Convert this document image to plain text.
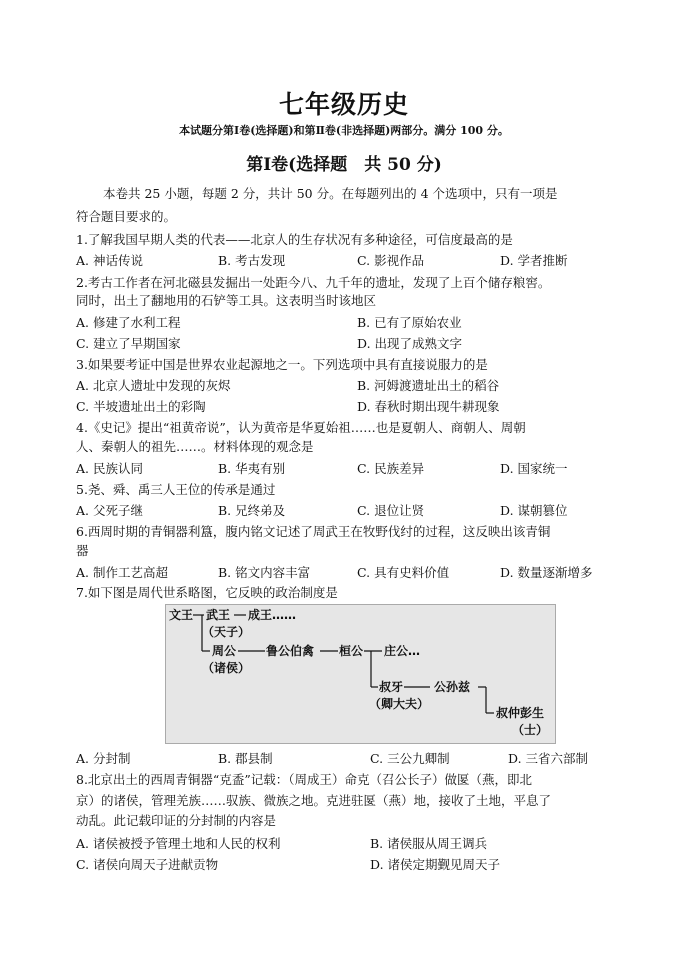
七年级历史
本试题分第Ⅰ卷(选择题)和第Ⅱ卷(非选择题)两部分。满分 100 分。
第Ⅰ卷(选择题　共 50 分)
本卷共 25 小题，每题 2 分，共计 50 分。在每题列出的 4 个选项中，只有一项是
符合题目要求的。
1.了解我国早期人类的代表——北京人的生存状况有多种途径，可信度最高的是
A. 神话传说	B. 考古发现	C. 影视作品	D. 学者推断
2.考古工作者在河北磁县发掘出一处距今八、九千年的遗址，发现了上百个储存粮窖。
同时，出土了翻地用的石铲等工具。这表明当时该地区
A. 修建了水利工程	B. 已有了原始农业
C. 建立了早期国家	D. 出现了成熟文字
3.如果要考证中国是世界农业起源地之一。下列选项中具有直接说服力的是
A. 北京人遗址中发现的灰烬	B. 河姆渡遗址出土的稻谷
C. 半坡遗址出土的彩陶	D. 春秋时期出现牛耕现象
4.《史记》提出“祖黄帝说”，认为黄帝是华夏始祖……也是夏朝人、商朝人、周朝
人、秦朝人的祖先……。材料体现的观念是
A. 民族认同	B. 华夷有别	C. 民族差异	D. 国家统一
5.尧、舜、禹三人王位的传承是通过
A. 父死子继	B. 兄终弟及	C. 退位让贤	D. 谋朝篡位
6.西周时期的青铜器利簋，腹内铭文记述了周武王在牧野伐纣的过程，这反映出该青铜
器
A. 制作工艺高超	B. 铭文内容丰富	C. 具有史料价值	D. 数量逐渐增多
7.如下图是周代世系略图，它反映的政治制度是
文王 武王 成王……
（天子）
周公 鲁公伯禽 桓公 庄公…
（诸侯）
叔牙	公孙兹
（卿大夫）
叔仲彭生
（士）
A. 分封制	B. 郡县制	C. 三公九卿制	D. 三省六部制
8.北京出土的西周青铜器“克盉”记载：（周成王）命克（召公长子）做匽（燕，即北
京）的诸侯，管理羌族……驭族、微族之地。克进驻匽（燕）地，接收了土地，平息了
动乱。此记载印证的分封制的内容是
A. 诸侯被授予管理土地和人民的权利	B. 诸侯服从周王调兵
C. 诸侯向周天子进献贡物	D. 诸侯定期觐见周天子
